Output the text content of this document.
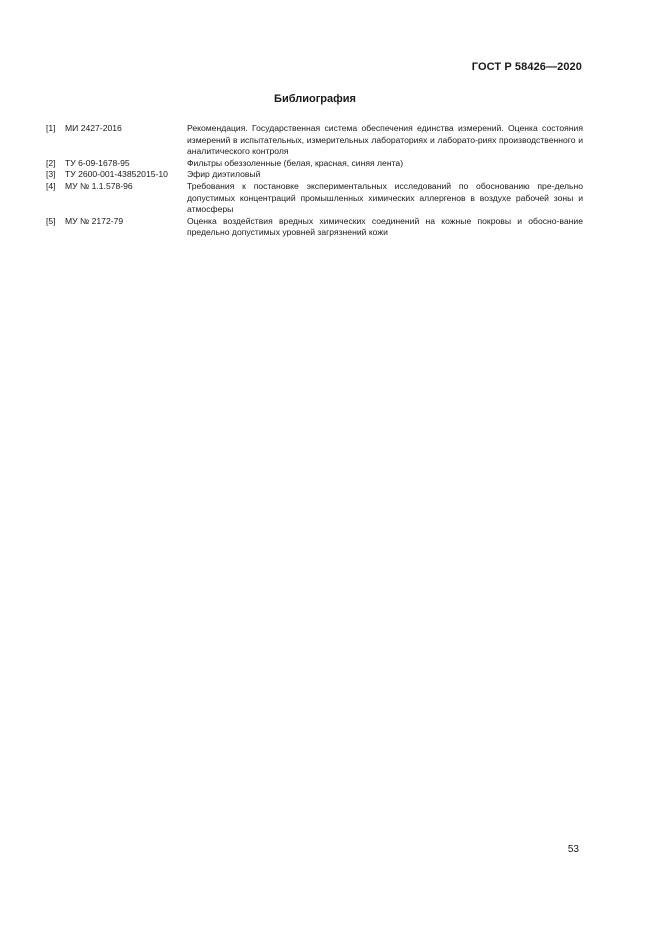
ГОСТ Р 58426—2020
Библиография
[1]	МИ 2427-2016	Рекомендация. Государственная система обеспечения единства измерений. Оценка состояния измерений в испытательных, измерительных лабораториях и лаборато-риях производственного и аналитического контроля
[2]	ТУ 6-09-1678-95	Фильтры обеззоленные (белая, красная, синяя лента)
[3]	ТУ 2600-001-43852015-10	Эфир диэтиловый
[4]	МУ № 1.1.578-96	Требования к постановке экспериментальных исследований по обоснованию пре-дельно допустимых концентраций промышленных химических аллергенов в воздухе рабочей зоны и атмосферы
[5]	МУ № 2172-79	Оценка воздействия вредных химических соединений на кожные покровы и обосно-вание предельно допустимых уровней загрязнений кожи
53
